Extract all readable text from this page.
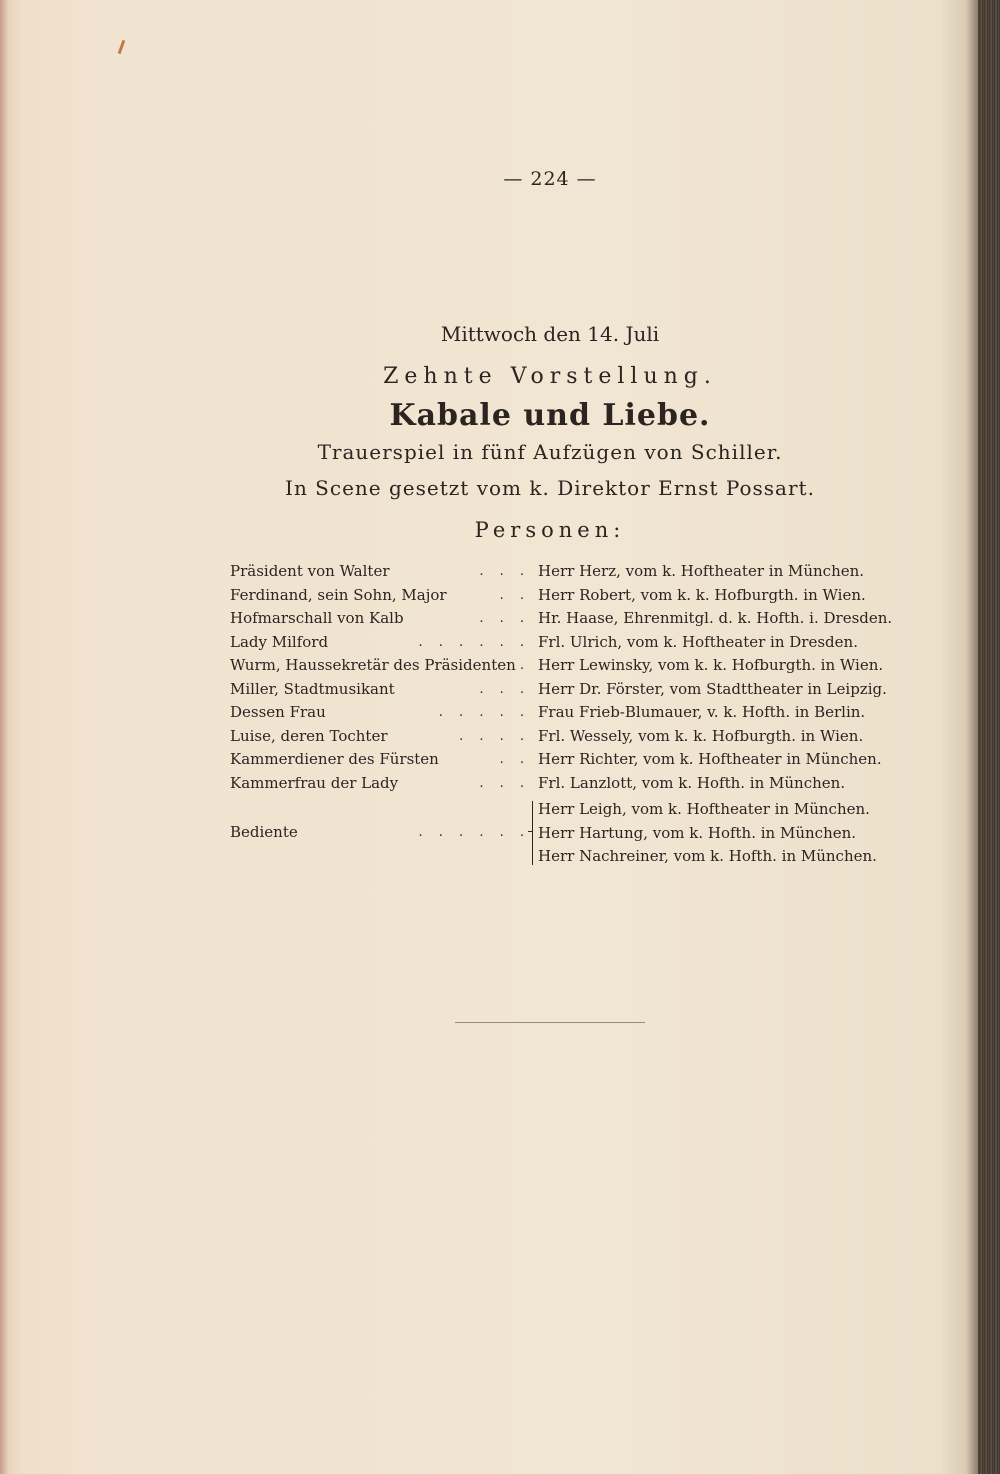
— 224 —
Mittwoch den 14. Juli
Zehnte Vorstellung.
Kabale und Liebe.
Trauerspiel in fünf Aufzügen von Schiller.
In Scene gesetzt vom k. Direktor Ernst Possart.
Personen:
Präsident von Walter	. . . Herr Herz, vom k. Hoftheater in München.
Ferdinand, sein Sohn, Major	. . Herr Robert, vom k. k. Hofburgth. in Wien.
Hofmarschall von Kalb	. . . Hr. Haase, Ehrenmitgl. d. k. Hofth. i. Dresden.
Lady Milford	. . . . . . Frl. Ulrich, vom k. Hoftheater in Dresden.
Wurm, Haussekretär des Präsidenten . Herr Lewinsky, vom k. k. Hofburgth. in Wien.
Miller, Stadtmusikant	. . . Herr Dr. Förster, vom Stadttheater in Leipzig.
Dessen Frau	. . . . . Frau Frieb-Blumauer, v. k. Hofth. in Berlin.
Luise, deren Tochter	. . . . Frl. Wessely, vom k. k. Hofburgth. in Wien.
Kammerdiener des Fürsten	. . Herr Richter, vom k. Hoftheater in München.
Kammerfrau der Lady	. . . Frl. Lanzlott, vom k. Hofth. in München.
Bediente	. . . . . .
Herr Leigh, vom k. Hoftheater in München.
Herr Hartung, vom k. Hofth. in München.
Herr Nachreiner, vom k. Hofth. in München.
